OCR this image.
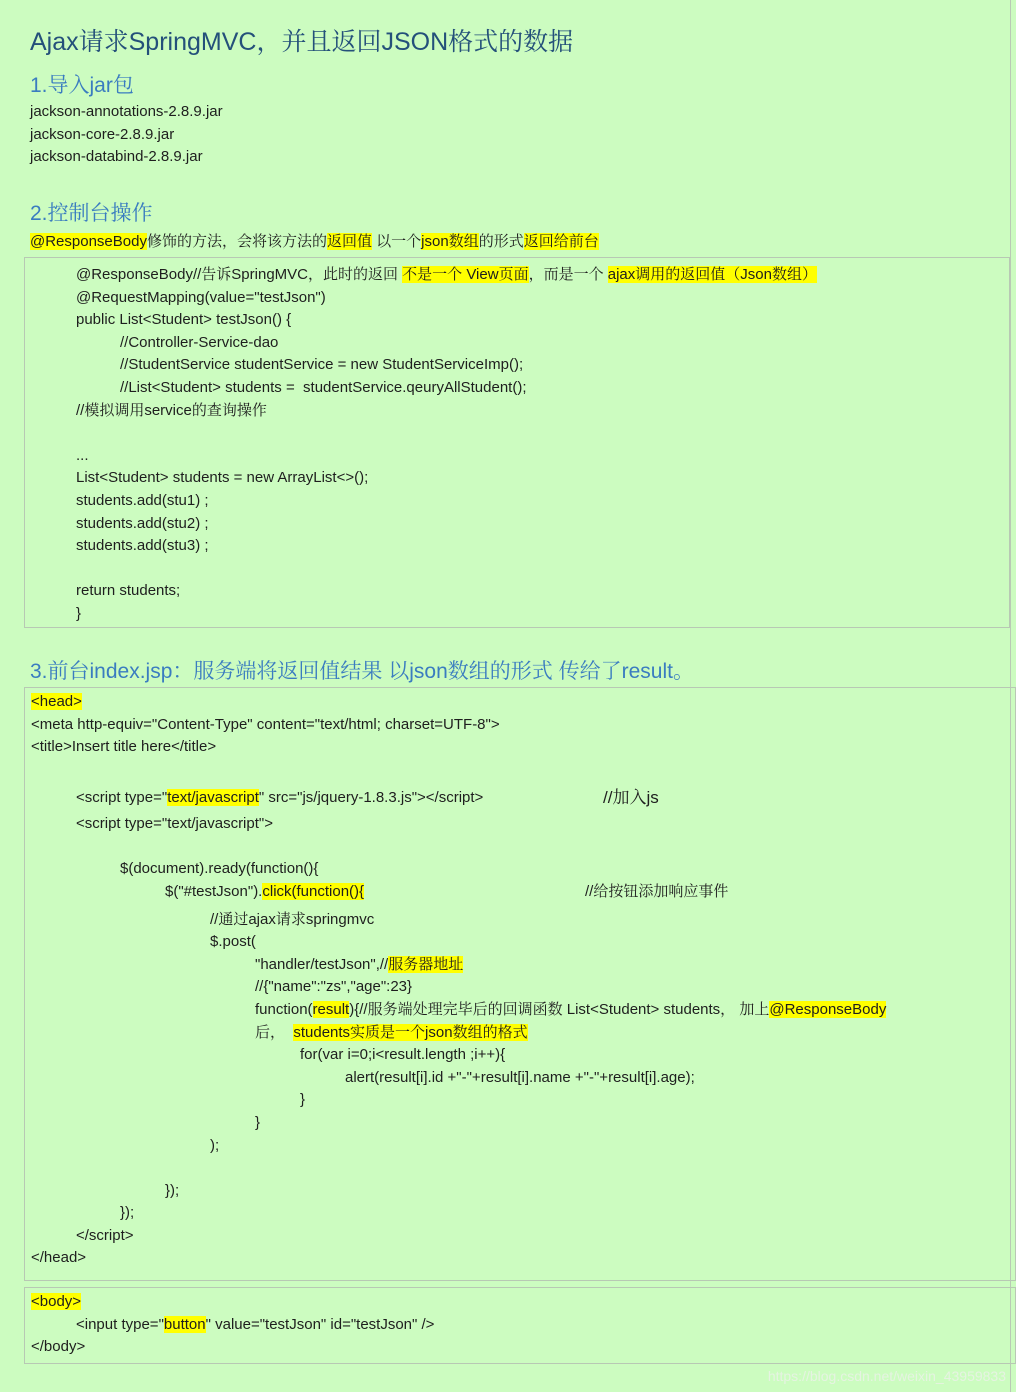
Ajax请求SpringMVC，并且返回JSON格式的数据
1.导入jar包
jackson-annotations-2.8.9.jar
jackson-core-2.8.9.jar
jackson-databind-2.8.9.jar
2.控制台操作
@ResponseBody修饰的方法，会将该方法的返回值 以一个json数组的形式返回给前台
@ResponseBody//告诉SpringMVC，此时的返回 不是一个 View页面，而是一个 ajax调用的返回值（Json数组）
@RequestMapping(value="testJson")
public List<Student> testJson() {
//Controller-Service-dao
//StudentService studentService = new StudentServiceImp();
//List<Student> students =  studentService.qeuryAllStudent();
//模拟调用service的查询操作
...
List<Student> students = new ArrayList<>();
students.add(stu1) ;
students.add(stu2) ;
students.add(stu3) ;
return students;
}
3.前台index.jsp：服务端将返回值结果 以json数组的形式 传给了result。
<head>
<meta http-equiv="Content-Type" content="text/html; charset=UTF-8">
<title>Insert title here</title>
<script type="text/javascript" src="js/jquery-1.8.3.js"></script>	//加入js
<script type="text/javascript">
$(document).ready(function(){
$("#testJson").click(function(){	//给按钮添加响应事件
//通过ajax请求springmvc
$.post(
"handler/testJson",//服务器地址
//{"name":"zs","age":23}
function(result){//服务端处理完毕后的回调函数 List<Student> students， 加上@ResponseBody
后，  students实质是一个json数组的格式
for(var i=0;i<result.length ;i++){
alert(result[i].id +"-"+result[i].name +"-"+result[i].age);
}
}
);
});
});
</script>
</head>
<body>
<input type="button" value="testJson" id="testJson" />
</body>
https://blog.csdn.net/weixin_43959833
